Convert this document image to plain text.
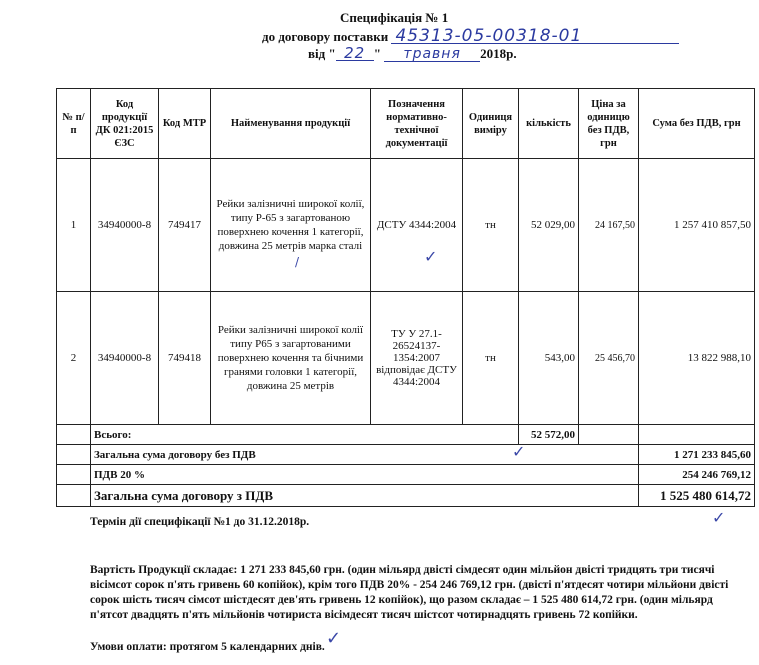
Специфікація № 1
до договору поставки 45313-05-00318-01
від " 22 " травня 2018р.
№ п/п	Код продукції ДК 021:2015 ЄЗС	Код МТР	Найменування продукції	Позначення нормативно-технічної документації	Одиниця виміру	кількість	Ціна за одиницю без ПДВ, грн	Сума без ПДВ, грн
1	34940000-8	749417	Рейки залізничні широкої колії, типу Р-65 з загартованою поверхнею кочення 1 категорії, довжина 25 метрів марка сталі	ДСТУ 4344:2004	тн	52 029,00	24 167,50	1 257 410 857,50
2	34940000-8	749418	Рейки залізничні широкої колії типу Р65 з загартованими поверхнею кочення та бічними гранями головки 1 категорії, довжина 25 метрів	ТУ У 27.1-26524137-1354:2007 відповідає ДСТУ 4344:2004	тн	543,00	25 456,70	13 822 988,10
	Всього:					52 572,00		
	Загальна сума договору без ПДВ							1 271 233 845,60
	ПДВ 20 %							254 246 769,12
	Загальна сума договору з ПДВ							1 525 480 614,72
Термін дії специфікації №1 до 31.12.2018р.
Вартість Продукції складає: 1 271 233 845,60 грн. (один мільярд двісті сімдесят один мільйон двісті тридцять три тисячі вісімсот сорок п'ять гривень 60 копійок), крім того ПДВ 20% - 254 246 769,12 грн. (двісті п'ятдесят чотири мільйони двісті сорок шість тисяч сімсот шістдесят дев'ять гривень 12 копійок), що разом складає – 1 525 480 614,72 грн. (один мільярд п'ятсот двадцять п'ять мільйонів чотириста вісімдесят тисяч шістсот чотирнадцять гривень 72 копійки.
Умови оплати: протягом 5 календарних днів.
✓
/
✓
✓
✓
